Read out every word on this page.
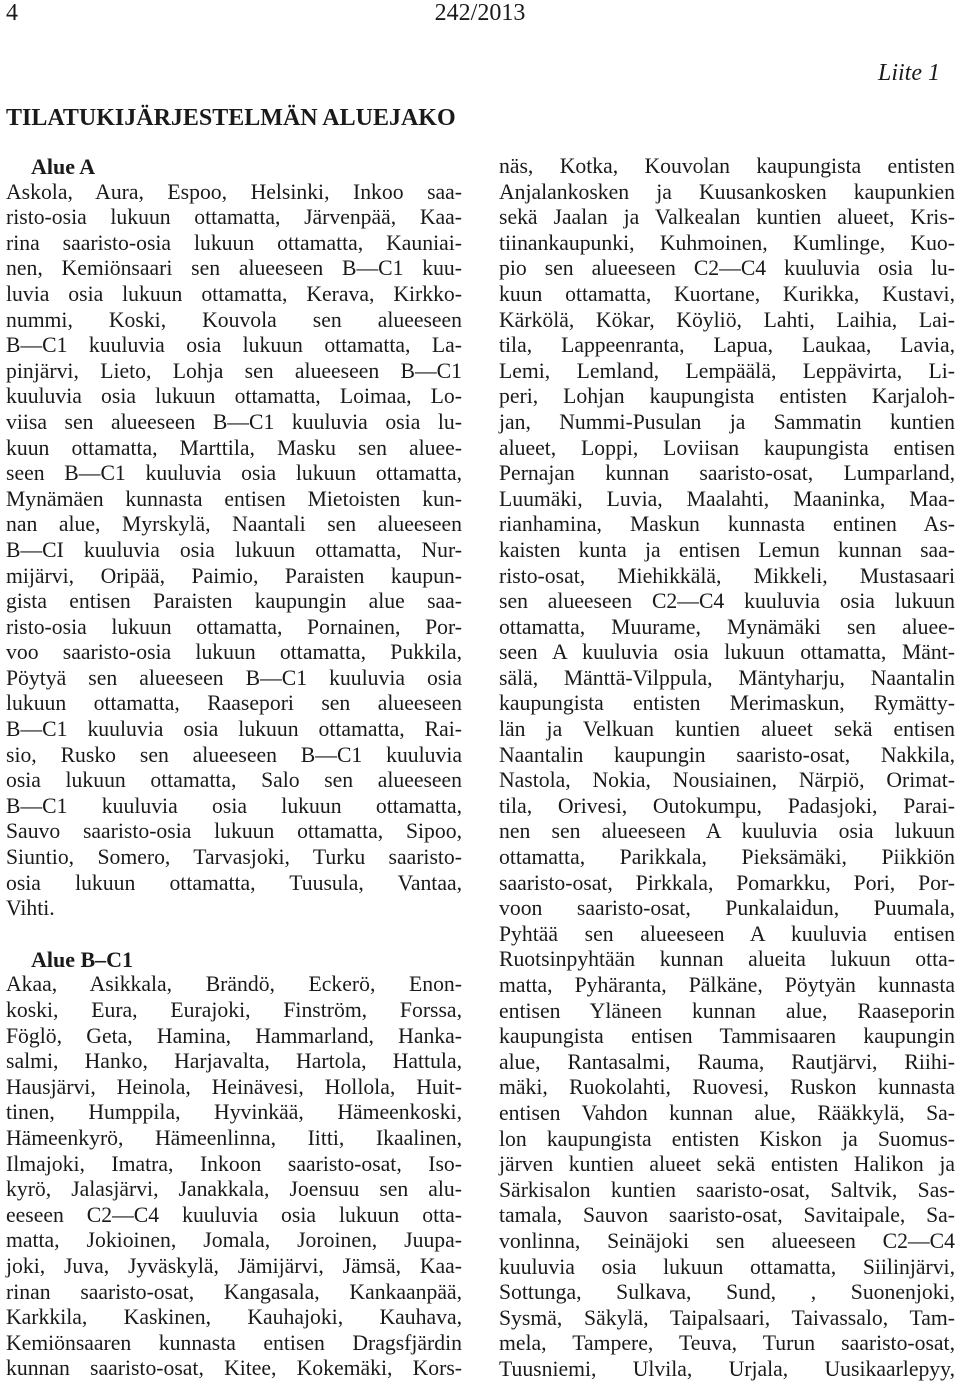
4	242/2013
Liite 1
TILATUKIJÄRJESTELMÄN ALUEJAKO
Alue A
Askola, Aura, Espoo, Helsinki, Inkoo saa-
risto-osia lukuun ottamatta, Järvenpää, Kaa-
rina saaristo-osia lukuun ottamatta, Kauniai-
nen, Kemiönsaari sen alueeseen B—C1 kuu-
luvia osia lukuun ottamatta, Kerava, Kirkko-
nummi, Koski, Kouvola sen alueeseen
B—C1 kuuluvia osia lukuun ottamatta, La-
pinjärvi, Lieto, Lohja sen alueeseen B—C1
kuuluvia osia lukuun ottamatta, Loimaa, Lo-
viisa sen alueeseen B—C1 kuuluvia osia lu-
kuun ottamatta, Marttila, Masku sen aluee-
seen B—C1 kuuluvia osia lukuun ottamatta,
Mynämäen kunnasta entisen Mietoisten kun-
nan alue, Myrskylä, Naantali sen alueeseen
B—CI kuuluvia osia lukuun ottamatta, Nur-
mijärvi, Oripää, Paimio, Paraisten kaupun-
gista entisen Paraisten kaupungin alue saa-
risto-osia lukuun ottamatta, Pornainen, Por-
voo saaristo-osia lukuun ottamatta, Pukkila,
Pöytyä sen alueeseen B—C1 kuuluvia osia
lukuun ottamatta, Raasepori sen alueeseen
B—C1 kuuluvia osia lukuun ottamatta, Rai-
sio, Rusko sen alueeseen B—C1 kuuluvia
osia lukuun ottamatta, Salo sen alueeseen
B—C1 kuuluvia osia lukuun ottamatta,
Sauvo saaristo-osia lukuun ottamatta, Sipoo,
Siuntio, Somero, Tarvasjoki, Turku saaristo-
osia lukuun ottamatta, Tuusula, Vantaa,
Vihti.
Alue B–C1
Akaa, Asikkala, Brändö, Eckerö, Enon-
koski, Eura, Eurajoki, Finström, Forssa,
Föglö, Geta, Hamina, Hammarland, Hanka-
salmi, Hanko, Harjavalta, Hartola, Hattula,
Hausjärvi, Heinola, Heinävesi, Hollola, Huit-
tinen, Humppila, Hyvinkää, Hämeenkoski,
Hämeenkyrö, Hämeenlinna, Iitti, Ikaalinen,
Ilmajoki, Imatra, Inkoon saaristo-osat, Iso-
kyrö, Jalasjärvi, Janakkala, Joensuu sen alu-
eeseen C2—C4 kuuluvia osia lukuun otta-
matta, Jokioinen, Jomala, Joroinen, Juupa-
joki, Juva, Jyväskylä, Jämijärvi, Jämsä, Kaa-
rinan saaristo-osat, Kangasala, Kankaanpää,
Karkkila, Kaskinen, Kauhajoki, Kauhava,
Kemiönsaaren kunnasta entisen Dragsfjärdin
kunnan saaristo-osat, Kitee, Kokemäki, Kors-
näs, Kotka, Kouvolan kaupungista entisten
Anjalankosken ja Kuusankosken kaupunkien
sekä Jaalan ja Valkealan kuntien alueet, Kris-
tiinankaupunki, Kuhmoinen, Kumlinge, Kuo-
pio sen alueeseen C2—C4 kuuluvia osia lu-
kuun ottamatta, Kuortane, Kurikka, Kustavi,
Kärkölä, Kökar, Köyliö, Lahti, Laihia, Lai-
tila, Lappeenranta, Lapua, Laukaa, Lavia,
Lemi, Lemland, Lempäälä, Leppävirta, Li-
peri, Lohjan kaupungista entisten Karjaloh-
jan, Nummi-Pusulan ja Sammatin kuntien
alueet, Loppi, Loviisan kaupungista entisen
Pernajan kunnan saaristo-osat, Lumparland,
Luumäki, Luvia, Maalahti, Maaninka, Maa-
rianhamina, Maskun kunnasta entinen As-
kaisten kunta ja entisen Lemun kunnan saa-
risto-osat, Miehikkälä, Mikkeli, Mustasaari
sen alueeseen C2—C4 kuuluvia osia lukuun
ottamatta, Muurame, Mynämäki sen aluee-
seen A kuuluvia osia lukuun ottamatta, Mänt-
sälä, Mänttä-Vilppula, Mäntyharju, Naantalin
kaupungista entisten Merimaskun, Rymätty-
län ja Velkuan kuntien alueet sekä entisen
Naantalin kaupungin saaristo-osat, Nakkila,
Nastola, Nokia, Nousiainen, Närpiö, Orimat-
tila, Orivesi, Outokumpu, Padasjoki, Parai-
nen sen alueeseen A kuuluvia osia lukuun
ottamatta, Parikkala, Pieksämäki, Piikkiön
saaristo-osat, Pirkkala, Pomarkku, Pori, Por-
voon saaristo-osat, Punkalaidun, Puumala,
Pyhtää sen alueeseen A kuuluvia entisen
Ruotsinpyhtään kunnan alueita lukuun otta-
matta, Pyhäranta, Pälkäne, Pöytyän kunnasta
entisen Yläneen kunnan alue, Raaseporin
kaupungista entisen Tammisaaren kaupungin
alue, Rantasalmi, Rauma, Rautjärvi, Riihi-
mäki, Ruokolahti, Ruovesi, Ruskon kunnasta
entisen Vahdon kunnan alue, Rääkkylä, Sa-
lon kaupungista entisten Kiskon ja Suomus-
järven kuntien alueet sekä entisten Halikon ja
Särkisalon kuntien saaristo-osat, Saltvik, Sas-
tamala, Sauvon saaristo-osat, Savitaipale, Sa-
vonlinna, Seinäjoki sen alueeseen C2—C4
kuuluvia osia lukuun ottamatta, Siilinjärvi,
Sottunga, Sulkava, Sund, , Suonenjoki,
Sysmä, Säkylä, Taipalsaari, Taivassalo, Tam-
mela, Tampere, Teuva, Turun saaristo-osat,
Tuusniemi, Ulvila, Urjala, Uusikaarlepyy,
